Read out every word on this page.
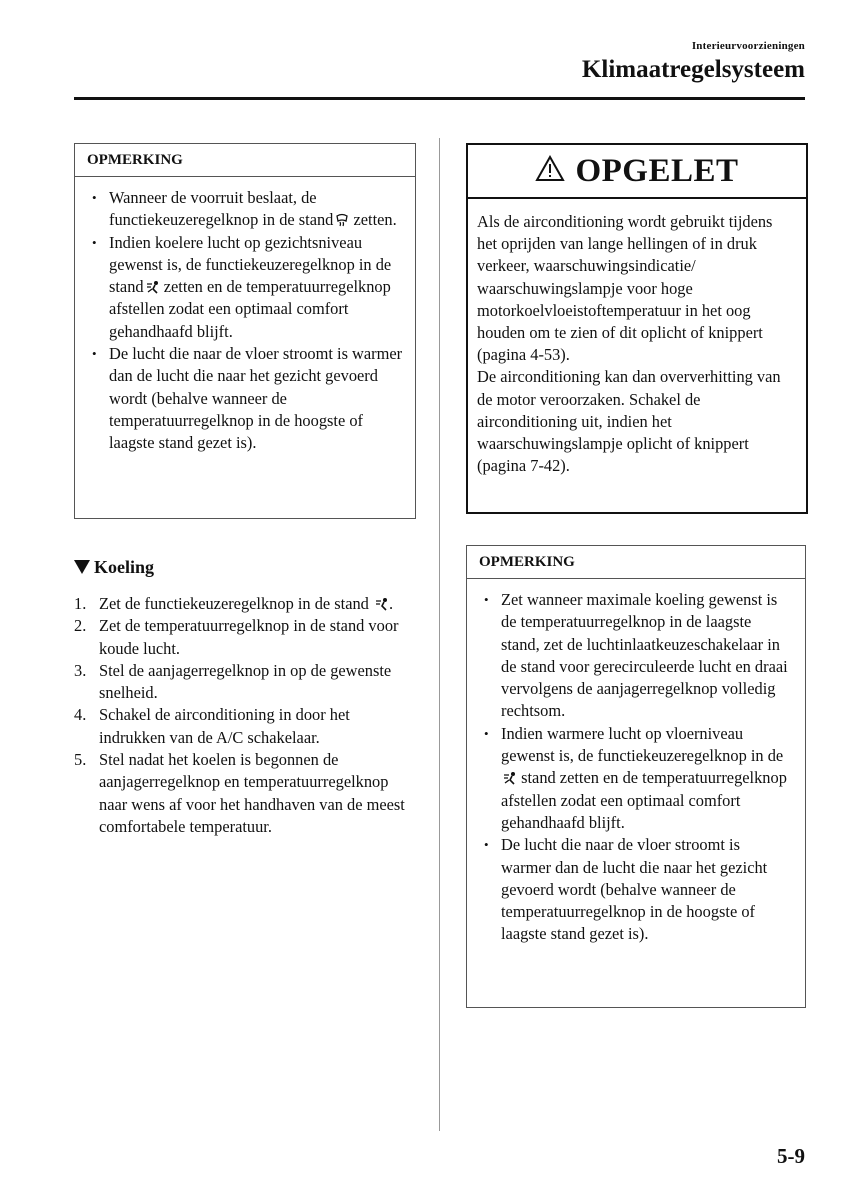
Interieurvoorzieningen
Klimaatregelsysteem
OPMERKING
• Wanneer de voorruit beslaat, de functiekeuzeregelknop in de stand zetten.
• Indien koelere lucht op gezichtsniveau gewenst is, de functiekeuzeregelknop in de stand zetten en de temperatuurregelknop afstellen zodat een optimaal comfort gehandhaafd blijft.
• De lucht die naar de vloer stroomt is warmer dan de lucht die naar het gezicht gevoerd wordt (behalve wanneer de temperatuurregelknop in de hoogste of laagste stand gezet is).
OPGELET
Als de airconditioning wordt gebruikt tijdens het oprijden van lange hellingen of in druk verkeer, waarschuwingsindicatie/ waarschuwingslampje voor hoge motorkoelvloeistoftemperatuur in het oog houden om te zien of dit oplicht of knippert (pagina 4-53).
De airconditioning kan dan oververhitting van de motor veroorzaken. Schakel de airconditioning uit, indien het waarschuwingslampje oplicht of knippert (pagina 7-42).
Koeling
1. Zet de functiekeuzeregelknop in de stand .
2. Zet de temperatuurregelknop in de stand voor koude lucht.
3. Stel de aanjagerregelknop in op de gewenste snelheid.
4. Schakel de airconditioning in door het indrukken van de A/C schakelaar.
5. Stel nadat het koelen is begonnen de aanjagerregelknop en temperatuurregelknop naar wens af voor het handhaven van de meest comfortabele temperatuur.
OPMERKING
• Zet wanneer maximale koeling gewenst is de temperatuurregelknop in de laagste stand, zet de luchtinlaatkeuzeschakelaar in de stand voor gerecirculeerde lucht en draai vervolgens de aanjagerregelknop volledig rechtsom.
• Indien warmere lucht op vloerniveau gewenst is, de functiekeuzeregelknop in de  stand zetten en de temperatuurregelknop afstellen zodat een optimaal comfort gehandhaafd blijft.
• De lucht die naar de vloer stroomt is warmer dan de lucht die naar het gezicht gevoerd wordt (behalve wanneer de temperatuurregelknop in de hoogste of laagste stand gezet is).
5-9
